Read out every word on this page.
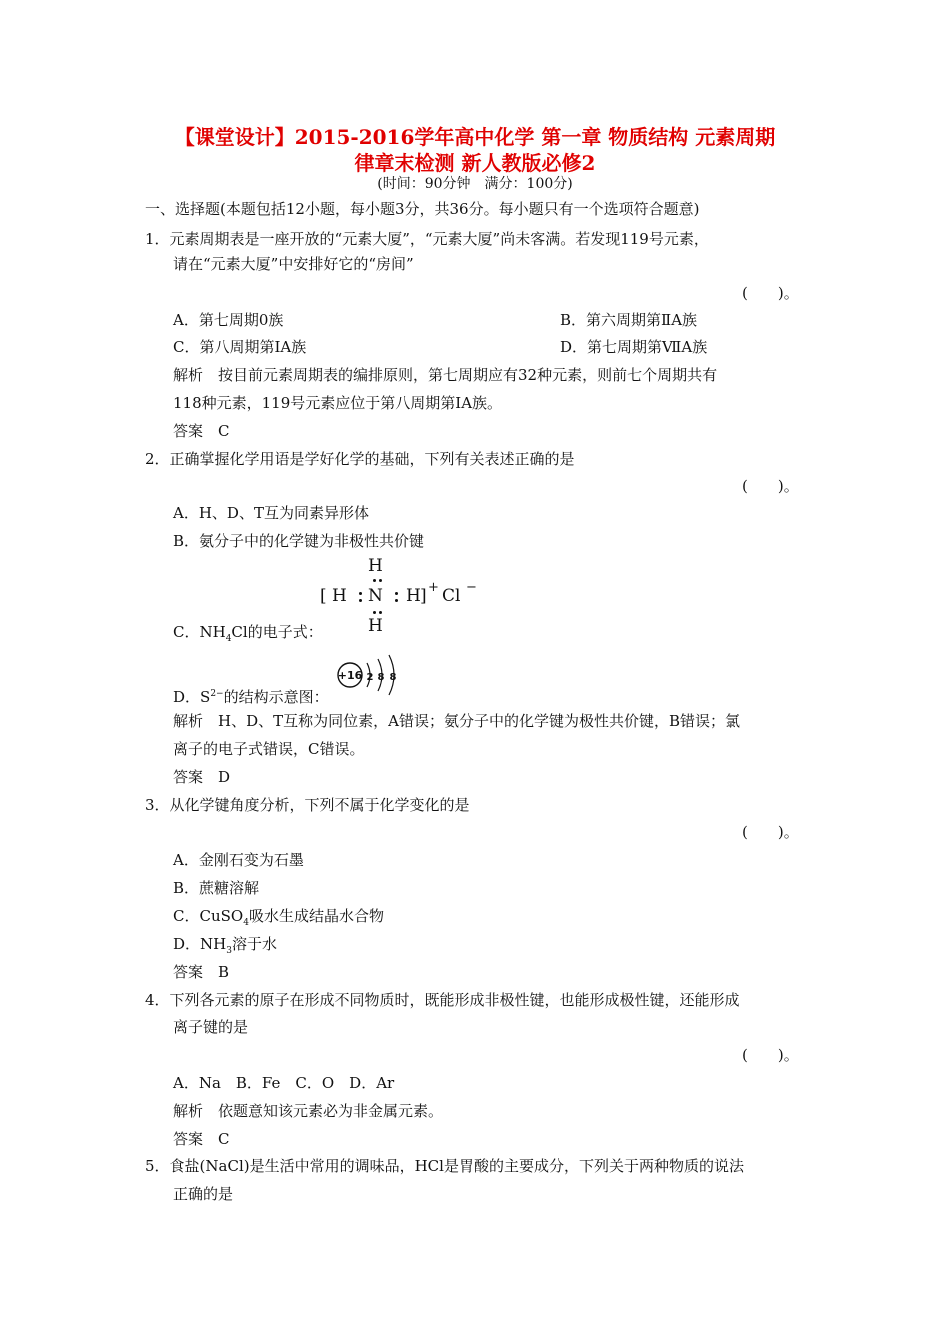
【课堂设计】2015-2016学年高中化学 第一章 物质结构 元素周期
律章末检测 新人教版必修2
(时间：90分钟　满分：100分)
一、选择题(本题包括12小题，每小题3分，共36分。每小题只有一个选项符合题意)
1．元素周期表是一座开放的“元素大厦”，“元素大厦”尚未客满。若发现119号元素，
请在“元素大厦”中安排好它的“房间”
(　　)。
A．第七周期0族	B．第六周期第ⅡA族
C．第八周期第ⅠA族	D．第七周期第ⅦA族
解析　按目前元素周期表的编排原则，第七周期应有32种元素，则前七个周期共有
118种元素，119号元素应位于第八周期第ⅠA族。
答案　C
2．正确掌握化学用语是学好化学的基础，下列有关表述正确的是
(　　)。
A．H、D、T互为同素异形体
B．氨分子中的化学键为非极性共价键
H
[ H N H ] + Cl −
H
C．$NH_4Cl$的电子式：
+16 2 8 8
D．$S^{2-}$的结构示意图：
解析　H、D、T互称为同位素，A错误；氨分子中的化学键为极性共价键，B错误；氯
离子的电子式错误，C错误。
答案　D
3．从化学键角度分析，下列不属于化学变化的是
(　　)。
A．金刚石变为石墨
B．蔗糖溶解
C．CuSO$_4$吸水生成结晶水合物
D．$NH_3$溶于水
答案　B
4．下列各元素的原子在形成不同物质时，既能形成非极性键，也能形成极性键，还能形成
离子键的是
(　　)。
A．Na　B．Fe　C．O　D．Ar
解析　依题意知该元素必为非金属元素。
答案　C
5．食盐(NaCl)是生活中常用的调味品，HCl是胃酸的主要成分，下列关于两种物质的说法
正确的是
